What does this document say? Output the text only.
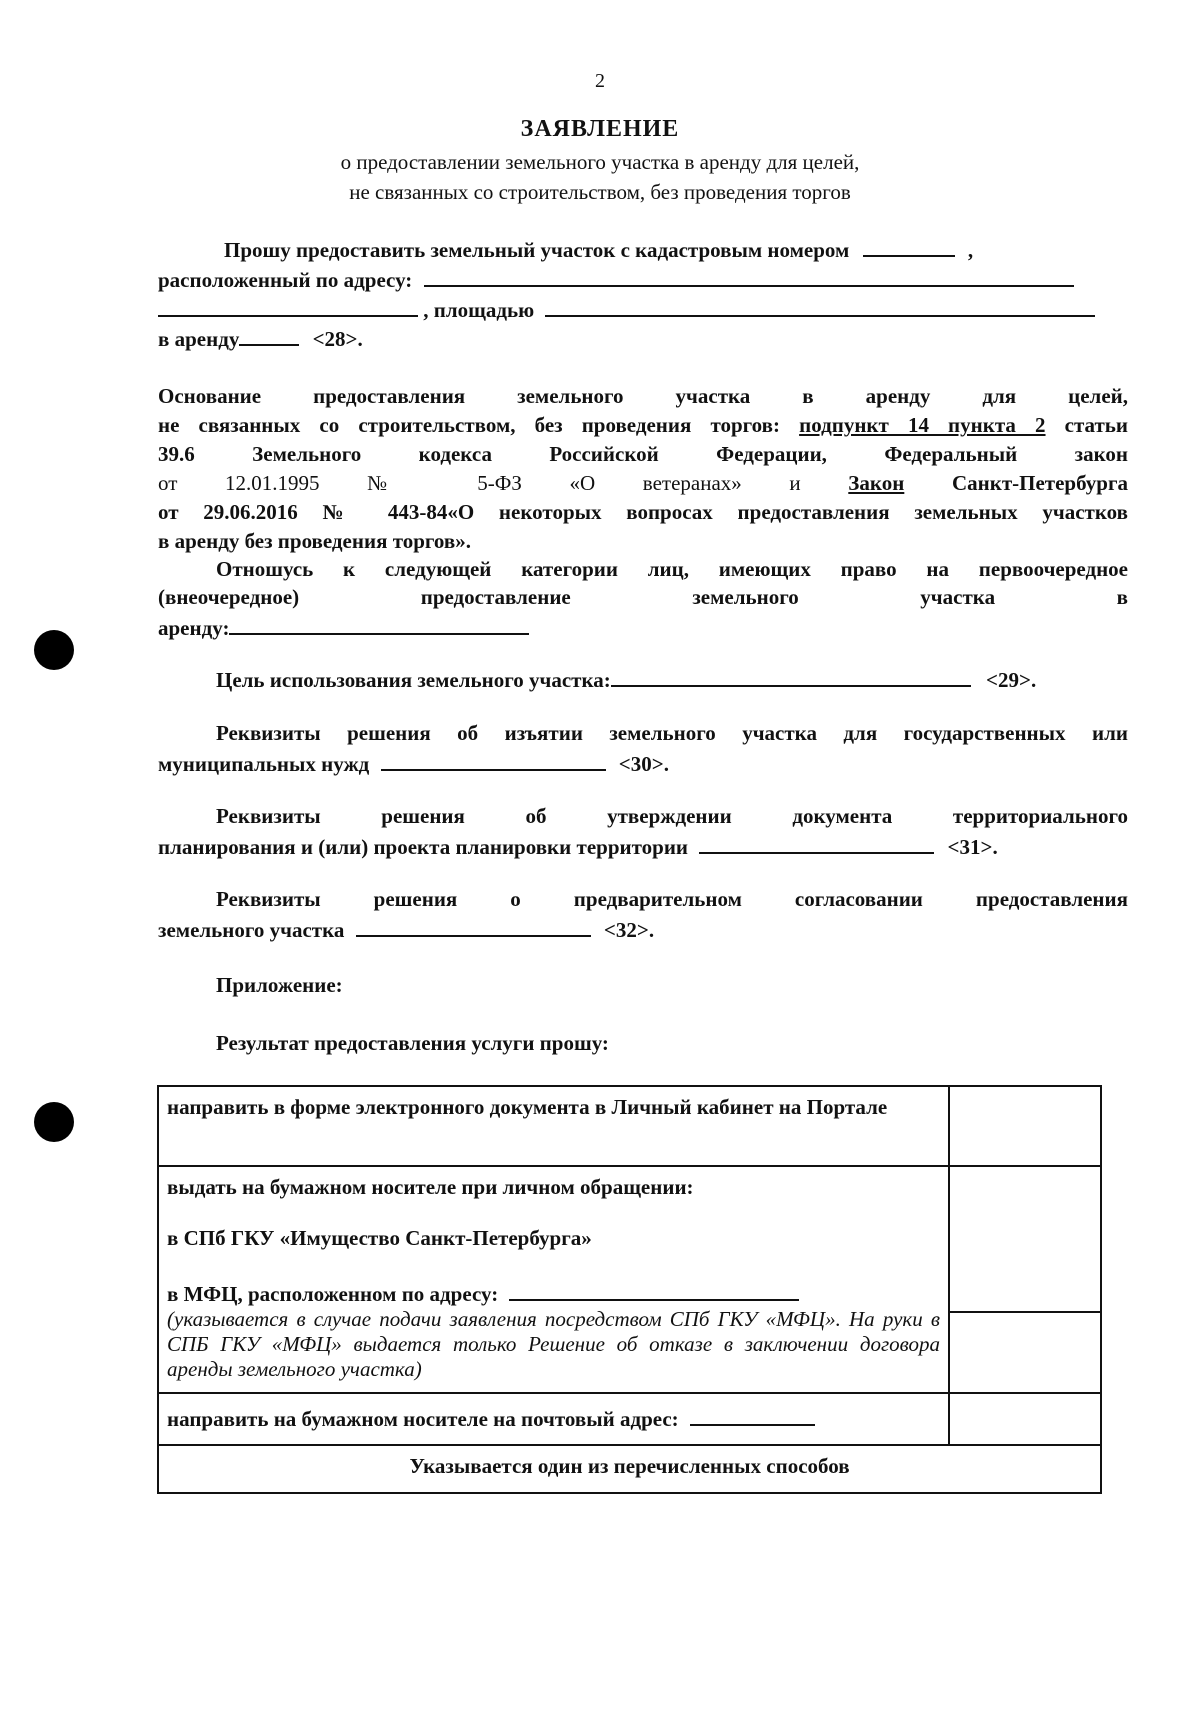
2
ЗАЯВЛЕНИЕ
о предоставлении земельного участка в аренду для целей,
не связанных со строительством, без проведения торгов
Прошу предоставить земельный участок с кадастровым номером	,
расположенный по адресу:
, площадью
в аренду	<28>.
Основание предоставления земельного участка в аренду для целей,
не связанных со строительством, без проведения торгов: подпункт 14 пункта 2 статьи
39.6 Земельного кодекса Российской Федерации, Федеральный закон
от 12.01.1995 № 5-ФЗ «О ветеранах» и Закон Санкт-Петербурга
от 29.06.2016 № 443-84«О некоторых вопросах предоставления земельных участков
в аренду без проведения торгов».
Отношусь к следующей категории лиц, имеющих право на первоочередное
(внеочередное) предоставление земельного участка в
аренду:
Цель использования земельного участка:	<29>.
Реквизиты решения об изъятии земельного участка для государственных или
муниципальных нужд	<30>.
Реквизиты решения об утверждении документа территориального
планирования и (или) проекта планировки территории	<31>.
Реквизиты решения о предварительном согласовании предоставления
земельного участка	<32>.
Приложение:
Результат предоставления услуги прошу:
направить в форме электронного документа в Личный кабинет на Портале	

выдать на бумажном носителе при личном обращении:
в СПб ГКУ «Имущество Санкт-Петербурга»
в МФЦ, расположенном по адресу:
(указывается в случае подачи заявления посредством СПб ГКУ «МФЦ». На руки в СПБ ГКУ «МФЦ» выдается только Решение об отказе в заключении договора аренды земельного участка)	

направить на бумажном носителе на почтовый адрес:	
Указывается один из перечисленных способов	
